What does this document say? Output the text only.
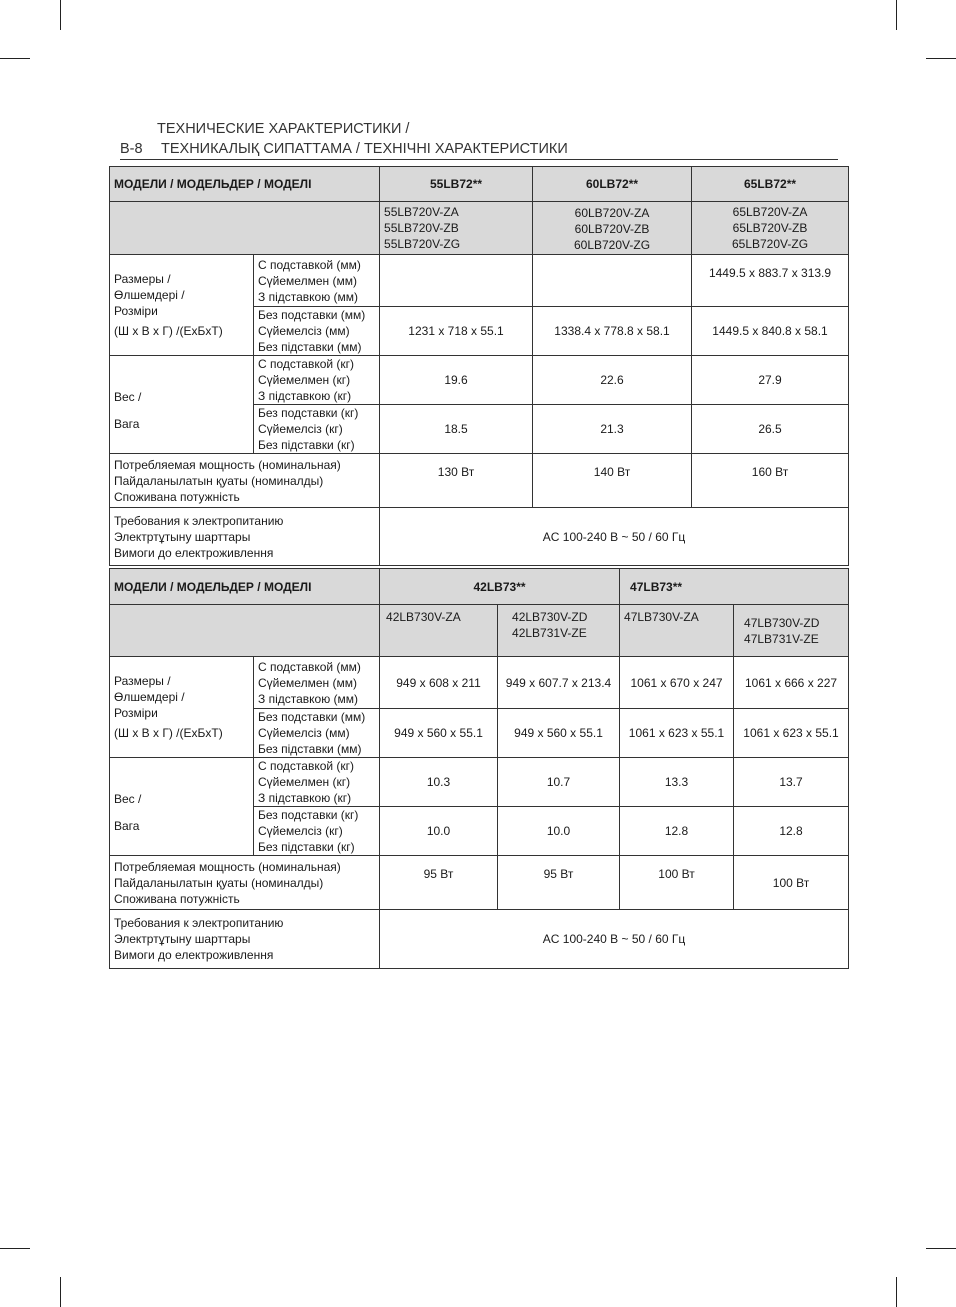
ТЕХНИЧЕСКИЕ ХАРАКТЕРИСТИКИ /
В-8 ТЕХНИКАЛЫҚ СИПАТТАМА / ТЕХНІЧНІ ХАРАКТЕРИСТИКИ
МОДЕЛИ / МОДЕЛЬДЕР / МОДЕЛІ		55LB72**	60LB72**	65LB72**

		55LB720V-ZA
55LB720V-ZB
55LB720V-ZG	60LB720V-ZA
60LB720V-ZB
60LB720V-ZG	65LB720V-ZA
65LB720V-ZB
65LB720V-ZG

Размеры /
Өлшемдері /
Розміри
(Ш х В х Г) /(ЕхБхТ)	С подставкой (мм)
Сүйемелмен (мм)
З підставкою (мм)			1449.5 x 883.7 x 313.9

	Без подставки (мм)
Сүйемелсіз (мм)
Без підставки (мм)	1231 x 718 x 55.1	1338.4 x 778.8 x 58.1	1449.5 x 840.8 x 58.1

Вес /
Вага	С подставкой (кг)
Сүйемелмен (кг)
З підставкою (кг)	19.6	22.6	27.9

	Без подставки (кг)
Сүйемелсіз (кг)
Без підставки (кг)	18.5	21.3	26.5

Потребляемая мощность (номинальная)
Пайдаланылатын қуаты (номиналды)
Споживана потужність		130 Вт	140 Вт	160 Вт

Требования к электропитанию
Электртұтыну шарттары
Вимоги до електроживлення		AC 100-240 В ~ 50 / 60 Гц		
МОДЕЛИ / МОДЕЛЬДЕР / МОДЕЛІ		42LB73**		47LB73**	

		42LB730V-ZA	42LB730V-ZD
42LB731V-ZE	47LB730V-ZA	47LB730V-ZD
47LB731V-ZE

Размеры /
Өлшемдері /
Розміри
(Ш х В х Г) /(ЕхБхТ)	С подставкой (мм)
Сүйемелмен (мм)
З підставкою (мм)	949 x 608 x 211	949 x 607.7 x 213.4	1061 x 670 x 247	1061 x 666 x 227

	Без подставки (мм)
Сүйемелсіз (мм)
Без підставки (мм)	949 x 560 x 55.1	949 x 560 x 55.1	1061 x 623 x 55.1	1061 x 623 x 55.1

Вес /
Вага	С подставкой (кг)
Сүйемелмен (кг)
З підставкою (кг)	10.3	10.7	13.3	13.7

	Без подставки (кг)
Сүйемелсіз (кг)
Без підставки (кг)	10.0	10.0	12.8	12.8

Потребляемая мощность (номинальная)
Пайдаланылатын қуаты (номиналды)
Споживана потужність		95 Вт	95 Вт	100 Вт	100 Вт

Требования к электропитанию
Электртұтыну шарттары
Вимоги до електроживлення		AC 100-240 В ~ 50 / 60 Гц			
